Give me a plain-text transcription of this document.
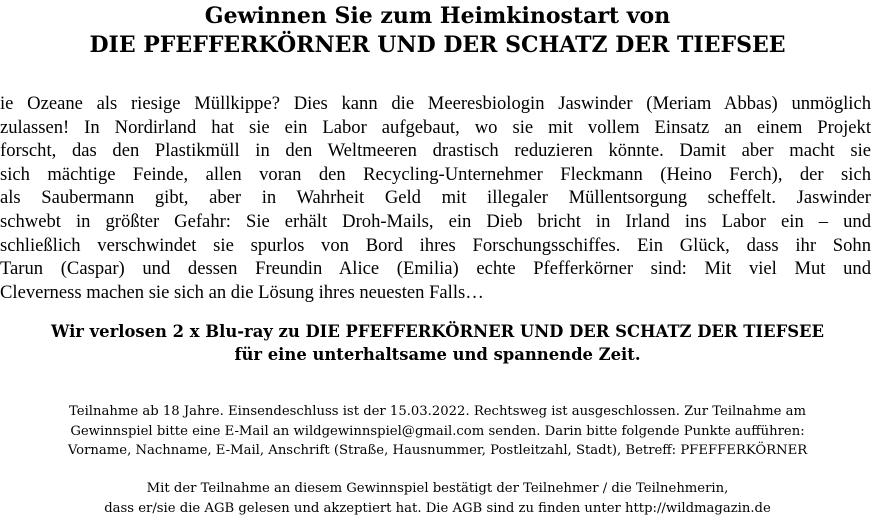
Gewinnen Sie zum Heimkinostart von
DIE PFEFFERKÖRNER UND DER SCHATZ DER TIEFSEE
ie Ozeane als riesige Müllkippe? Dies kann die Meeresbiologin Jaswinder (Meriam Abbas) unmöglich
zulassen! In Nordirland hat sie ein Labor aufgebaut, wo sie mit vollem Einsatz an einem Projekt
forscht, das den Plastikmüll in den Weltmeeren drastisch reduzieren könnte. Damit aber macht sie
sich mächtige Feinde, allen voran den Recycling-Unternehmer Fleckmann (Heino Ferch), der sich
als Saubermann gibt, aber in Wahrheit Geld mit illegaler Müllentsorgung scheffelt. Jaswinder
schwebt in größter Gefahr: Sie erhält Droh-Mails, ein Dieb bricht in Irland ins Labor ein – und
schließlich verschwindet sie spurlos von Bord ihres Forschungsschiffes. Ein Glück, dass ihr Sohn
Tarun (Caspar) und dessen Freundin Alice (Emilia) echte Pfefferkörner sind: Mit viel Mut und
Cleverness machen sie sich an die Lösung ihres neuesten Falls…
Wir verlosen 2 x Blu-ray zu DIE PFEFFERKÖRNER UND DER SCHATZ DER TIEFSEE
für eine unterhaltsame und spannende Zeit.
Teilnahme ab 18 Jahre. Einsendeschluss ist der 15.03.2022. Rechtsweg ist ausgeschlossen. Zur Teilnahme am
Gewinnspiel bitte eine E-Mail an wildgewinnspiel@gmail.com senden. Darin bitte folgende Punkte aufführen:
Vorname, Nachname, E-Mail, Anschrift (Straße, Hausnummer, Postleitzahl, Stadt), Betreff: PFEFFERKÖRNER
Mit der Teilnahme an diesem Gewinnspiel bestätigt der Teilnehmer / die Teilnehmerin,
dass er/sie die AGB gelesen und akzeptiert hat. Die AGB sind zu finden unter http://wildmagazin.de
